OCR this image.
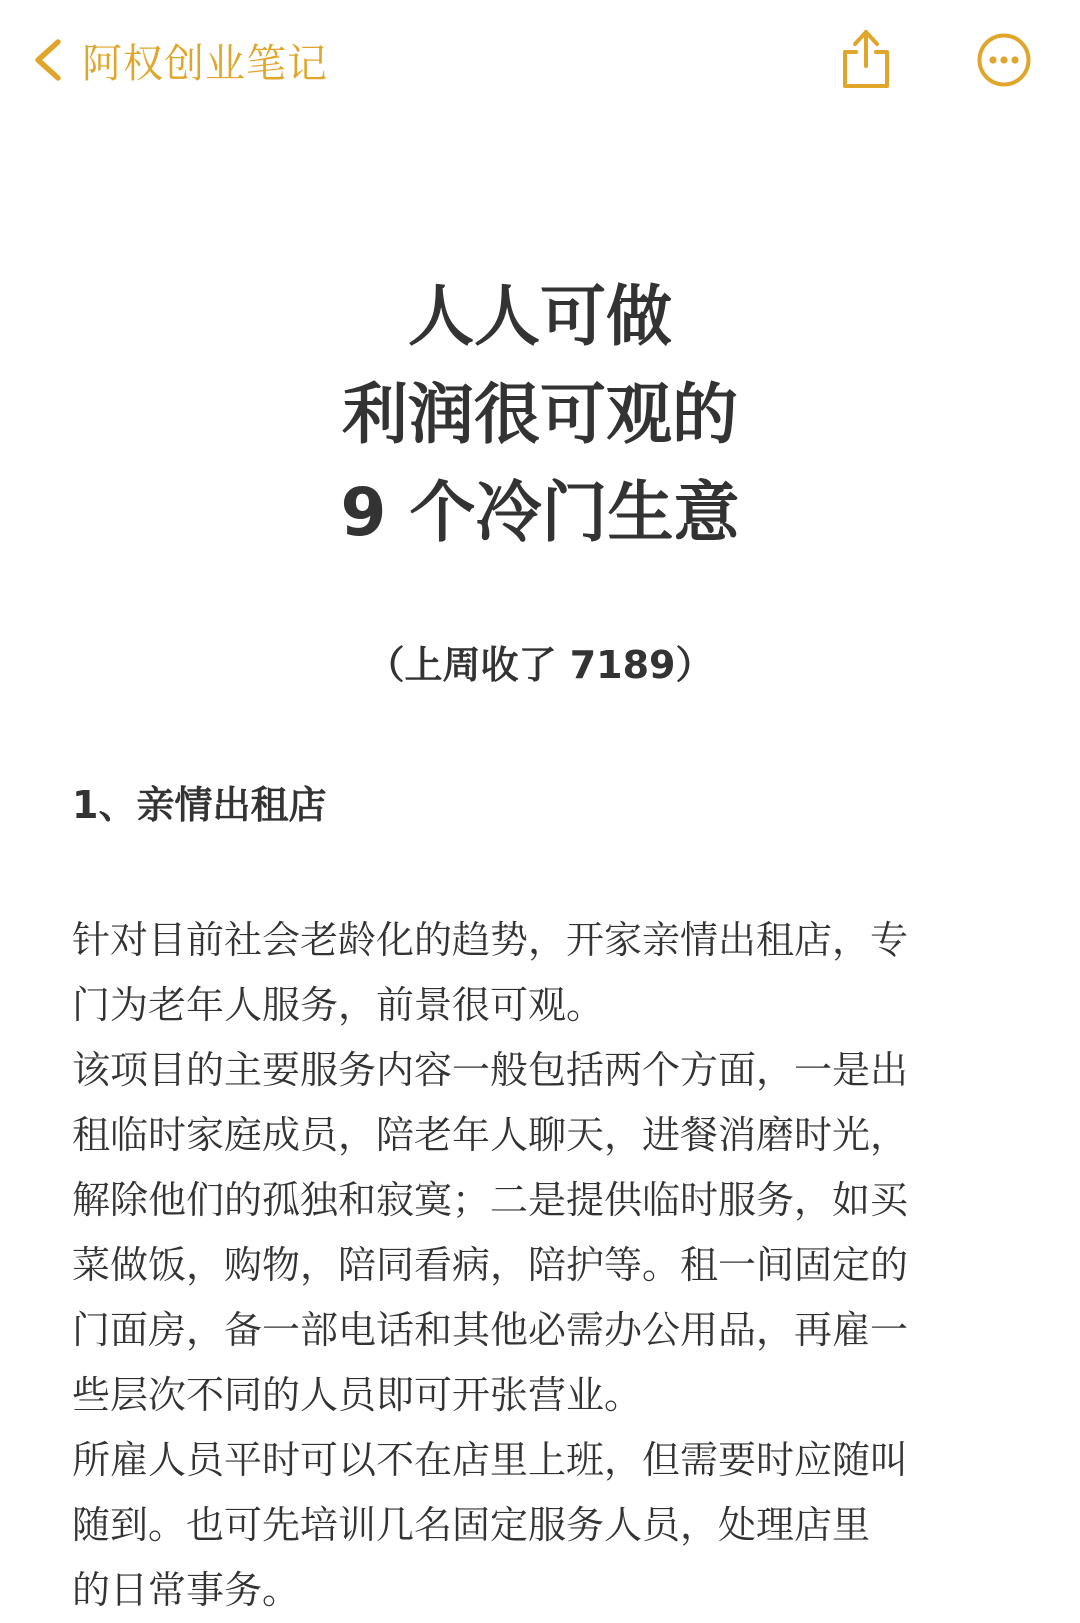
阿权创业笔记
人人可做
利润很可观的
9 个冷门生意
（上周收了 7189）
1、亲情出租店
针对目前社会老龄化的趋势，开家亲情出租店，专
门为老年人服务，前景很可观。
该项目的主要服务内容一般包括两个方面，一是出
租临时家庭成员，陪老年人聊天，进餐消磨时光，
解除他们的孤独和寂寞；二是提供临时服务，如买
菜做饭，购物，陪同看病，陪护等。租一间固定的
门面房，备一部电话和其他必需办公用品，再雇一
些层次不同的人员即可开张营业。
所雇人员平时可以不在店里上班，但需要时应随叫
随到。也可先培训几名固定服务人员，处理店里
的日常事务。
